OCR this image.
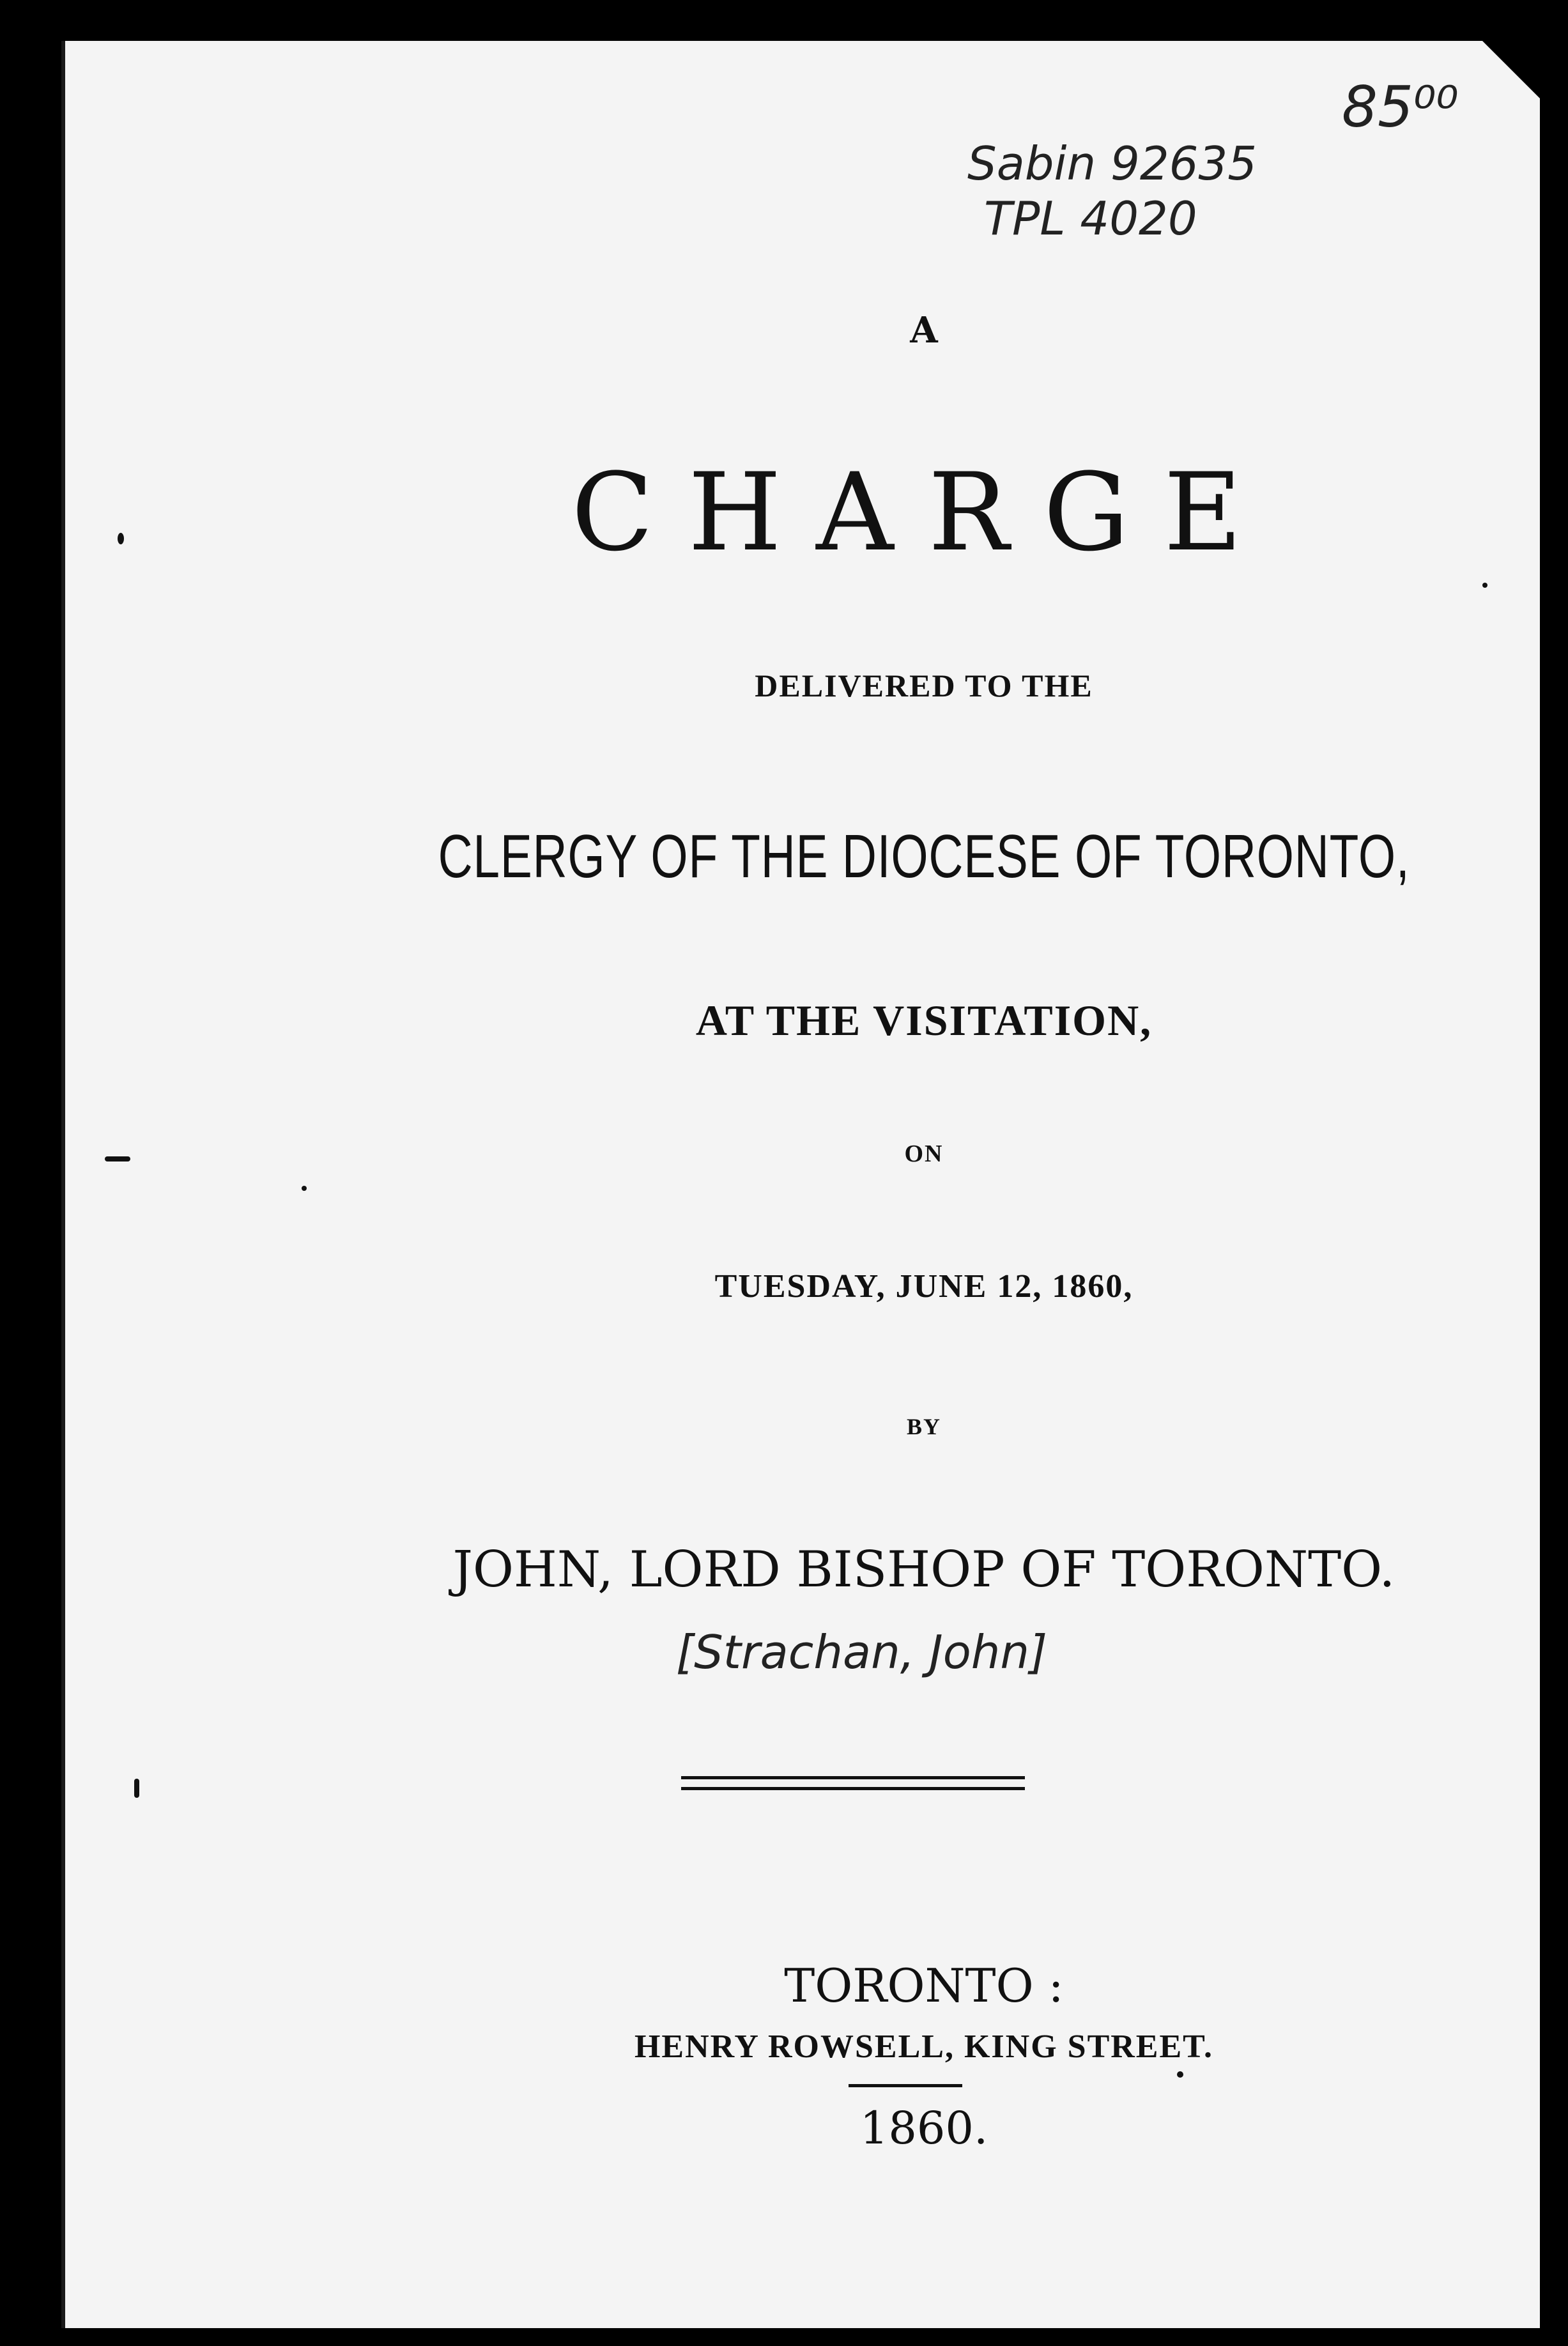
85⁰⁰
Sabin 92635
TPL 4020
A
CHARGE
DELIVERED TO THE
CLERGY OF THE DIOCESE OF TORONTO,
AT THE VISITATION,
ON
TUESDAY, JUNE 12, 1860,
BY
JOHN, LORD BISHOP OF TORONTO.
[Strachan, John]
TORONTO :
HENRY ROWSELL, KING STREET.
1860.
